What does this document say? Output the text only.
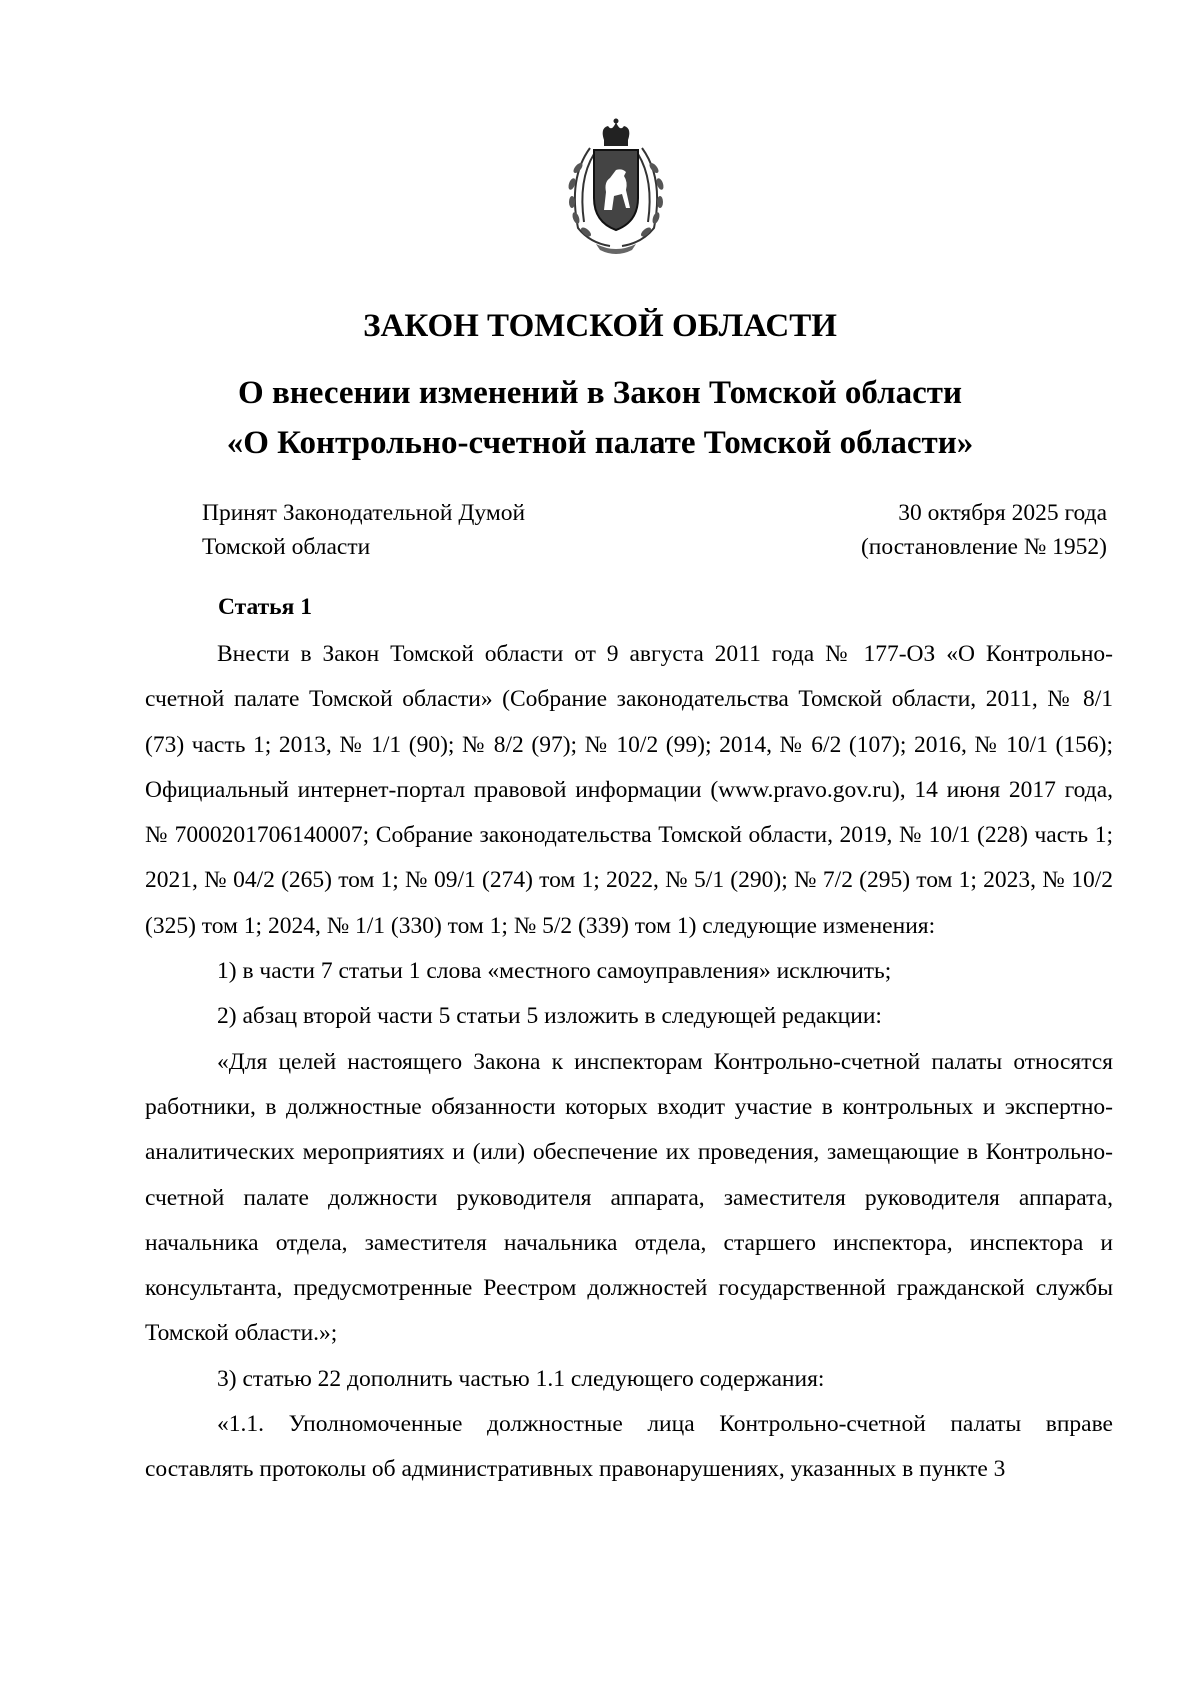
ЗАКОН ТОМСКОЙ ОБЛАСТИ
О внесении изменений в Закон Томской области
«О Контрольно-счетной палате Томской области»
Принят Законодательной Думой
Томской области
30 октября 2025 года
(постановление № 1952)
Статья 1

Внести в Закон Томской области от 9 августа 2011 года № 177-ОЗ «О Контрольно-счетной палате Томской области» (Собрание законодательства Томской области, 2011, № 8/1 (73) часть 1; 2013, № 1/1 (90); № 8/2 (97); № 10/2 (99); 2014, № 6/2 (107); 2016, № 10/1 (156); Официальный интернет-портал правовой информации (www.pravo.gov.ru), 14 июня 2017 года, № 7000201706140007; Собрание законодательства Томской области, 2019, № 10/1 (228) часть 1; 2021, № 04/2 (265) том 1; № 09/1 (274) том 1; 2022, № 5/1 (290); № 7/2 (295) том 1; 2023, № 10/2 (325) том 1; 2024, № 1/1 (330) том 1; № 5/2 (339) том 1) следующие изменения:

1) в части 7 статьи 1 слова «местного самоуправления» исключить;

2) абзац второй части 5 статьи 5 изложить в следующей редакции:

«Для целей настоящего Закона к инспекторам Контрольно-счетной палаты относятся работники, в должностные обязанности которых входит участие в контрольных и экспертно-аналитических мероприятиях и (или) обеспечение их проведения, замещающие в Контрольно-счетной палате должности руководителя аппарата, заместителя руководителя аппарата, начальника отдела, заместителя начальника отдела, старшего инспектора, инспектора и консультанта, предусмотренные Реестром должностей государственной гражданской службы Томской области.»;

3) статью 22 дополнить частью 1.1 следующего содержания:

«1.1. Уполномоченные должностные лица Контрольно-счетной палаты вправе составлять протоколы об административных правонарушениях, указанных в пункте 3
